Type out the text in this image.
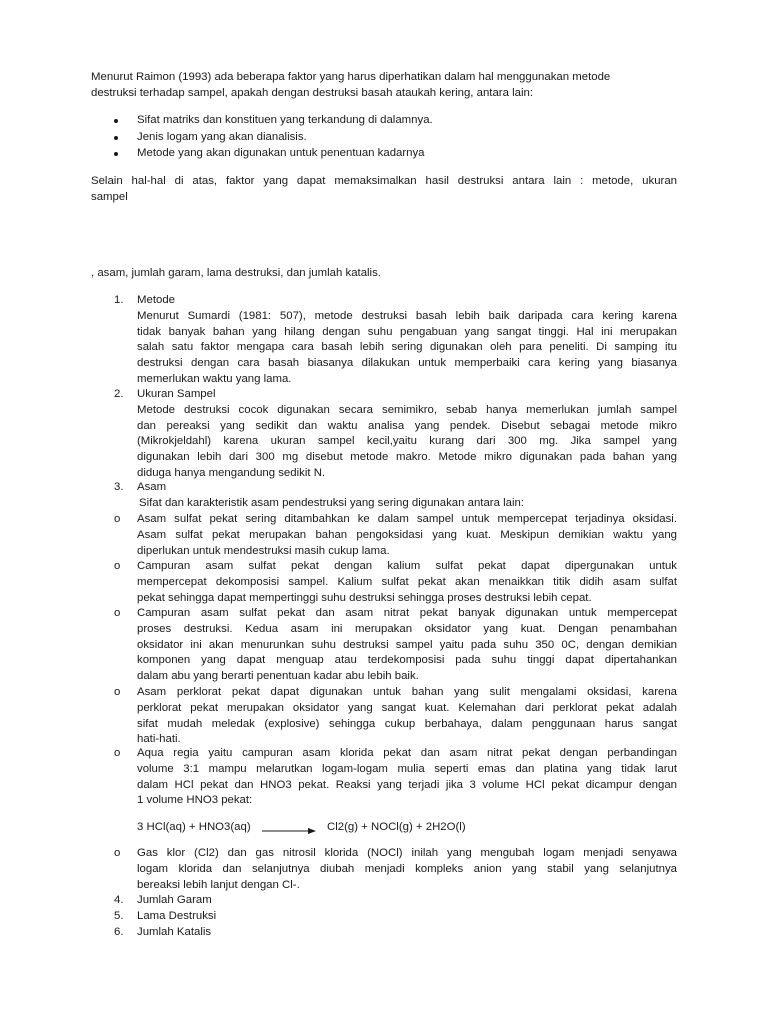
Menurut Raimon (1993) ada beberapa faktor yang harus diperhatikan dalam hal menggunakan metode
destruksi terhadap sampel, apakah dengan destruksi basah ataukah kering, antara lain:
Sifat matriks dan konstituen yang terkandung di dalamnya.
Jenis logam yang akan dianalisis.
Metode yang akan digunakan untuk penentuan kadarnya
Selain hal-hal di atas, faktor yang dapat memaksimalkan hasil destruksi antara lain : metode, ukuran
sampel
, asam, jumlah garam, lama destruksi, dan jumlah katalis.
1. Metode
Menurut Sumardi (1981: 507), metode destruksi basah lebih baik daripada cara kering karena
tidak banyak bahan yang hilang dengan suhu pengabuan yang sangat tinggi. Hal ini merupakan
salah satu faktor mengapa cara basah lebih sering digunakan oleh para peneliti. Di samping itu
destruksi dengan cara basah biasanya dilakukan untuk memperbaiki cara kering yang biasanya
memerlukan waktu yang lama.
2. Ukuran Sampel
Metode destruksi cocok digunakan secara semimikro, sebab hanya memerlukan jumlah sampel
dan pereaksi yang sedikit dan waktu analisa yang pendek. Disebut sebagai metode mikro
(Mikrokjeldahl) karena ukuran sampel kecil,yaitu kurang dari 300 mg. Jika sampel yang
digunakan lebih dari 300 mg disebut metode makro. Metode mikro digunakan pada bahan yang
diduga hanya mengandung sedikit N.
3. Asam
Sifat dan karakteristik asam pendestruksi yang sering digunakan antara lain:
o Asam sulfat pekat sering ditambahkan ke dalam sampel untuk mempercepat terjadinya oksidasi.
Asam sulfat pekat merupakan bahan pengoksidasi yang kuat. Meskipun demikian waktu yang
diperlukan untuk mendestruksi masih cukup lama.
o Campuran asam sulfat pekat dengan kalium sulfat pekat dapat dipergunakan untuk
mempercepat dekomposisi sampel. Kalium sulfat pekat akan menaikkan titik didih asam sulfat
pekat sehingga dapat mempertinggi suhu destruksi sehingga proses destruksi lebih cepat.
o Campuran asam sulfat pekat dan asam nitrat pekat banyak digunakan untuk mempercepat
proses destruksi. Kedua asam ini merupakan oksidator yang kuat. Dengan penambahan
oksidator ini akan menurunkan suhu destruksi sampel yaitu pada suhu 350 0C, dengan demikian
komponen yang dapat menguap atau terdekomposisi pada suhu tinggi dapat dipertahankan
dalam abu yang berarti penentuan kadar abu lebih baik.
o Asam perklorat pekat dapat digunakan untuk bahan yang sulit mengalami oksidasi, karena
perklorat pekat merupakan oksidator yang sangat kuat. Kelemahan dari perklorat pekat adalah
sifat mudah meledak (explosive) sehingga cukup berbahaya, dalam penggunaan harus sangat
hati-hati.
o Aqua regia yaitu campuran asam klorida pekat dan asam nitrat pekat dengan perbandingan
volume 3:1 mampu melarutkan logam-logam mulia seperti emas dan platina yang tidak larut
dalam HCl pekat dan HNO3 pekat. Reaksi yang terjadi jika 3 volume HCl pekat dicampur dengan
1 volume HNO3 pekat:
3 HCl(aq) + HNO3(aq)	Cl2(g) + NOCl(g) + 2H2O(l)
o Gas klor (Cl2) dan gas nitrosil klorida (NOCl) inilah yang mengubah logam menjadi senyawa
logam klorida dan selanjutnya diubah menjadi kompleks anion yang stabil yang selanjutnya
bereaksi lebih lanjut dengan Cl-.
4. Jumlah Garam
5. Lama Destruksi
6. Jumlah Katalis
